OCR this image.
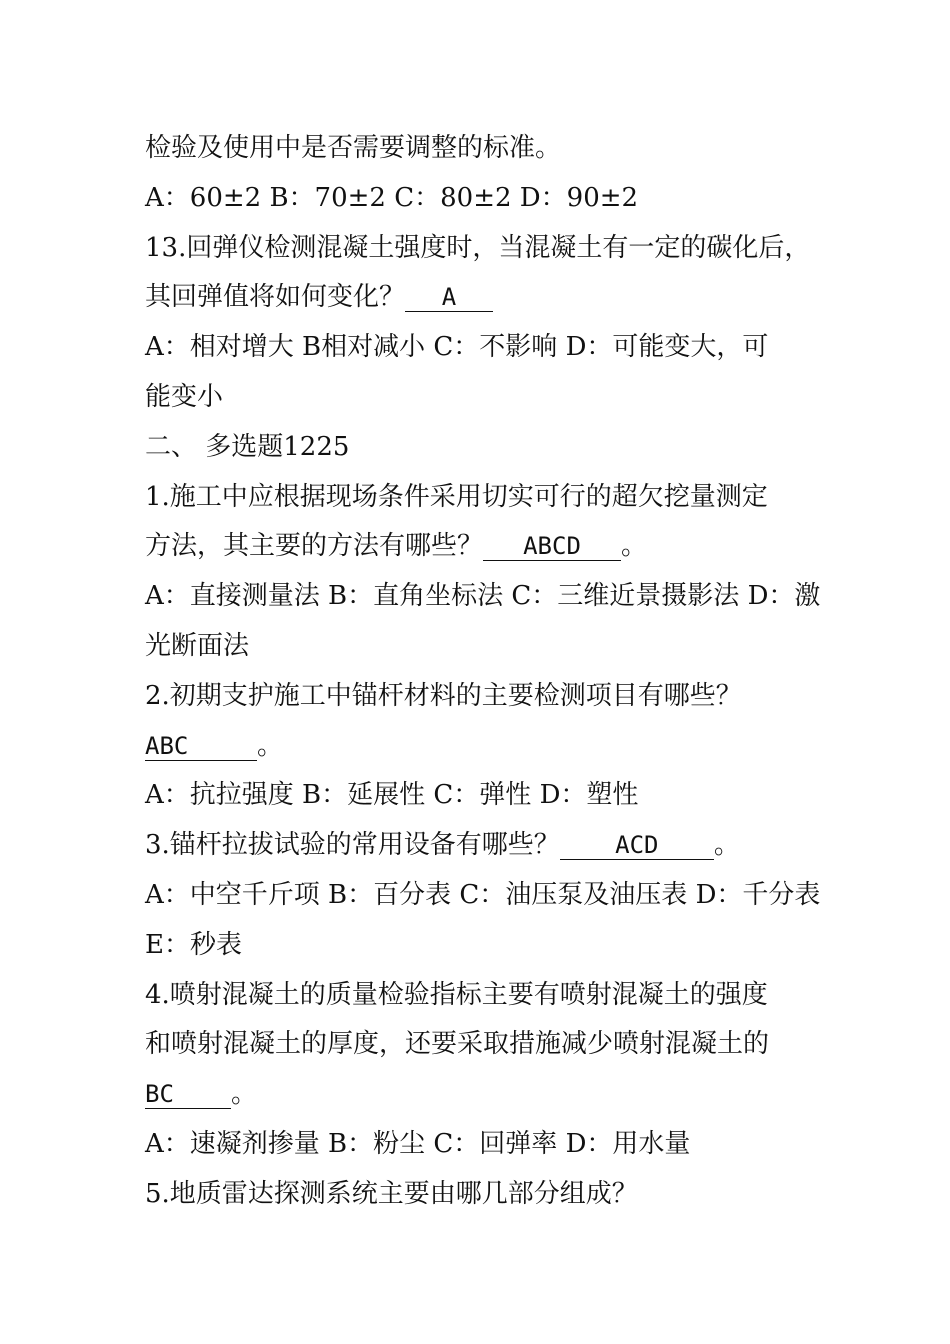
检验及使用中是否需要调整的标准。
A：60±2 B：70±2 C：80±2 D：90±2
13.回弹仪检测混凝土强度时，当混凝土有一定的碳化后，
其回弹值将如何变化？ A
A：相对增大 B相对减小 C：不影响 D：可能变大，可
能变小
二、 多选题1225
1.施工中应根据现场条件采用切实可行的超欠挖量测定
方法，其主要的方法有哪些？ ABCD 。
A：直接测量法 B：直角坐标法 C：三维近景摄影法 D：激
光断面法
2.初期支护施工中锚杆材料的主要检测项目有哪些？
ABC	。
A：抗拉强度 B：延展性 C：弹性 D：塑性
3.锚杆拉拔试验的常用设备有哪些？ ACD 。
A：中空千斤项 B：百分表 C：油压泵及油压表 D：千分表
E：秒表
4.喷射混凝土的质量检验指标主要有喷射混凝土的强度
和喷射混凝土的厚度，还要采取措施减少喷射混凝土的
BC 。
A：速凝剂掺量 B：粉尘 C：回弹率 D：用水量
5.地质雷达探测系统主要由哪几部分组成？
